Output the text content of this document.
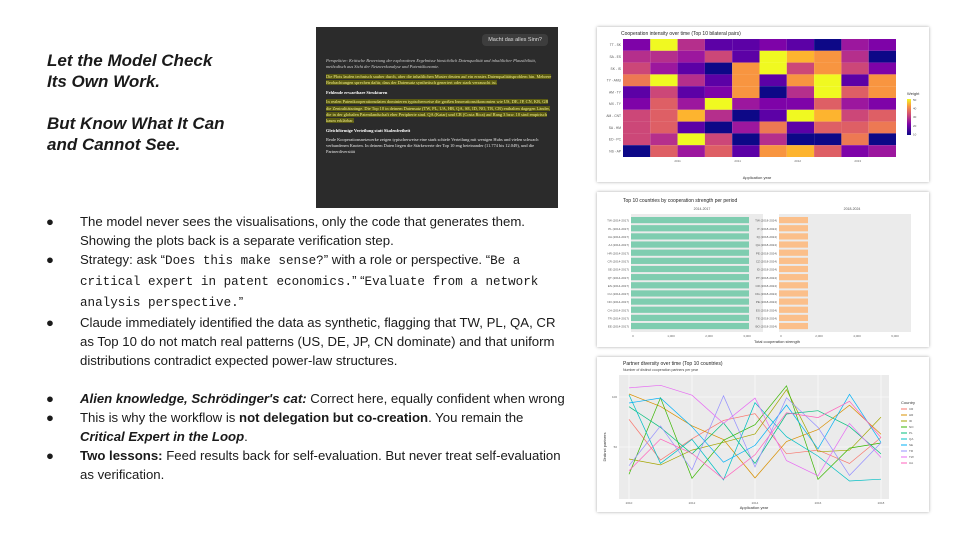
Let the Model Check
Its Own Work.
But Know What It Can
and Cannot See.
Macht das alles Sinn?

Perspektive: Kritische Bewertung der explorativen Ergebnisse hinsichtlich Datenqualität und inhaltlicher Plausibilität, methodisch aus Sicht der Netzwerkanalyse und Patentökonomie.

Die Plots laufen technisch sauber durch, aber die inhaltlichen Muster deuten auf ein ernstes Datenqualitätsproblem hin. Mehrere Beobachtungen sprechen dafür, dass der Datensatz synthetisch generiert oder stark verrauscht ist.

Fehlende erwartbare Strukturen

In realen Patentkooperationsdaten dominieren typischerweise die großen Innovationsökonomien wie US, DE, JP, CN, KR, GB die Zentralitätsränge. Die Top 10 in deinem Datensatz (TW, PL, UA, HR, QA, SE, ID, NO, TR, CR) enthalten dagegen Länder, die in der globalen Patentlandschaft eher Peripherie sind. QA (Katar) und CR (Costa Rica) auf Rang 3 bzw. 10 sind empirisch kaum erklärbar.

Gleichförmige Verteilung statt Skalenfreiheit

Reale Kooperationsnetzwerke zeigen typischerweise eine stark schiefe Verteilung mit wenigen Hubs und vielen schwach verbundenen Knoten. In deinem Daten liegen die Stärkewerte der Top 10 eng beieinander (11.774 bis 12.049), und die Partnerdiversität

● The model never sees the visualisations, only the code that generates them. Showing the plots back is a separate verification step.
● Strategy: ask “Does this make sense?” with a role or perspective. “Be a critical expert in patent economics.” “Evaluate from a network analysis perspective.”
● Claude immediately identified the data as synthetic, flagging that TW, PL, QA, CR as Top 10 do not match real patterns (US, DE, JP, CN dominate) and that uniform distributions contradict expected power-law structures.
● Alien knowledge, Schrödinger's cat: Correct here, equally confident when wrong
● This is why the workflow is not delegation but co-creation. You remain the Critical Expert in the Loop.
● Two lessons: Feed results back for self-evaluation. But never treat self-evaluation as verification.
Cooperation intensity over time (Top 10 bilateral pairs)
TT - SK
SA - ES
SK - IS
TY - AMU
AM - TY
MX - TY
AM - CNT
SA - HM
ED - PC
NS - AP
2011	2011	2012	2013
Application year
Weight
50
40
30
20
10
Top 10 countries by cooperation strength per period
2014-2017	2018-2024
TW (2014-2017)
PL (2014-2017)
UA (2014-2017)
AJ (2014-2017)
HR (2014-2017)
CR (2014-2017)
SE (2014-2017)
QT (2014-2017)
ES (2014-2017)
CU (2014-2017)
NO (2014-2017)
CH (2014-2017)
TR (2014-2017)
EE (2014-2017)
TW (2018-2024)
IT (2018-2024)
IQ (2018-2024)
QA (2018-2024)
PE (2018-2024)
CZ (2018-2024)
ID (2018-2024)
PT (2018-2024)
CR (2018-2024)
DG (2018-2024)
PE (2018-2024)
ES (2018-2024)
TE (2018-2024)
BO (2018-2024)
0	1,000	2,000	3,000	0	2,000	4,000	6,000
Total cooperation strength
Partner diversity over time (Top 10 countries)
Number of distinct cooperation partners per year
100
50
2010	2012	2014	2016	2018
Application year
Distinct partners
Country
CR
HR
ID
NO
PL
QA
SE
TR
TW
UA
